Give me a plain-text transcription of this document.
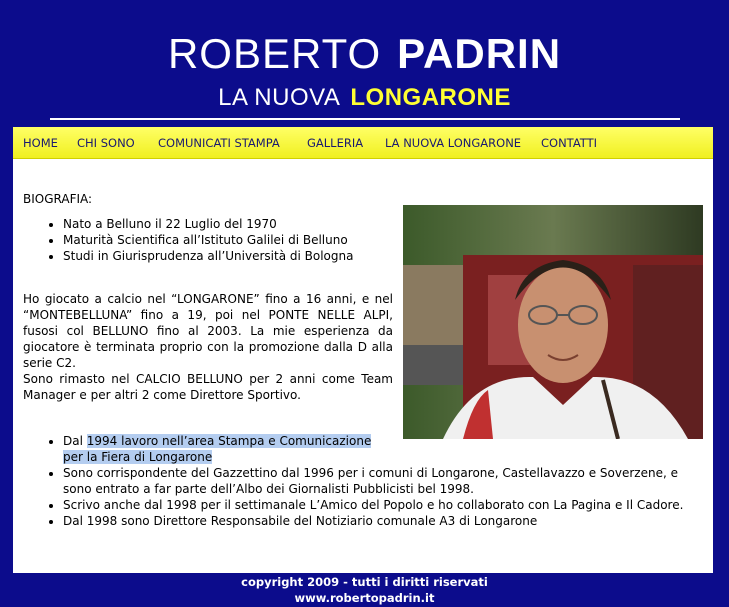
ROBERTO PADRIN
LA NUOVA LONGARONE
HOME CHI SONO COMUNICATI STAMPA GALLERIA LA NUOVA LONGARONE CONTATTI
BIOGRAFIA:
• Nato a Belluno il 22 Luglio del 1970
• Maturità Scientifica all’Istituto Galilei di Belluno
• Studi in Giurisprudenza all’Università di Bologna
Ho giocato a calcio nel “LONGARONE” fino a 16 anni, e nel “MONTEBELLUNA” fino a 19, poi nel PONTE NELLE ALPI, fusosi col BELLUNO fino al 2003. La mie esperienza da giocatore è terminata proprio con la promozione dalla D alla serie C2.
Sono rimasto nel CALCIO BELLUNO per 2 anni come Team Manager e per altri 2 come Direttore Sportivo.
• Dal 1994 lavoro nell’area Stampa e Comunicazione per la Fiera di Longarone
• Sono corrispondente del Gazzettino dal 1996 per i comuni di Longarone, Castellavazzo e Soverzene, e sono entrato a far parte dell’Albo dei Giornalisti Pubblicisti bel 1998.
• Scrivo anche dal 1998 per il settimanale L’Amico del Popolo e ho collaborato con La Pagina e Il Cadore.
• Dal 1998 sono Direttore Responsabile del Notiziario comunale A3 di Longarone
copyright 2009 - tutti i diritti riservati
www.robertopadrin.it
